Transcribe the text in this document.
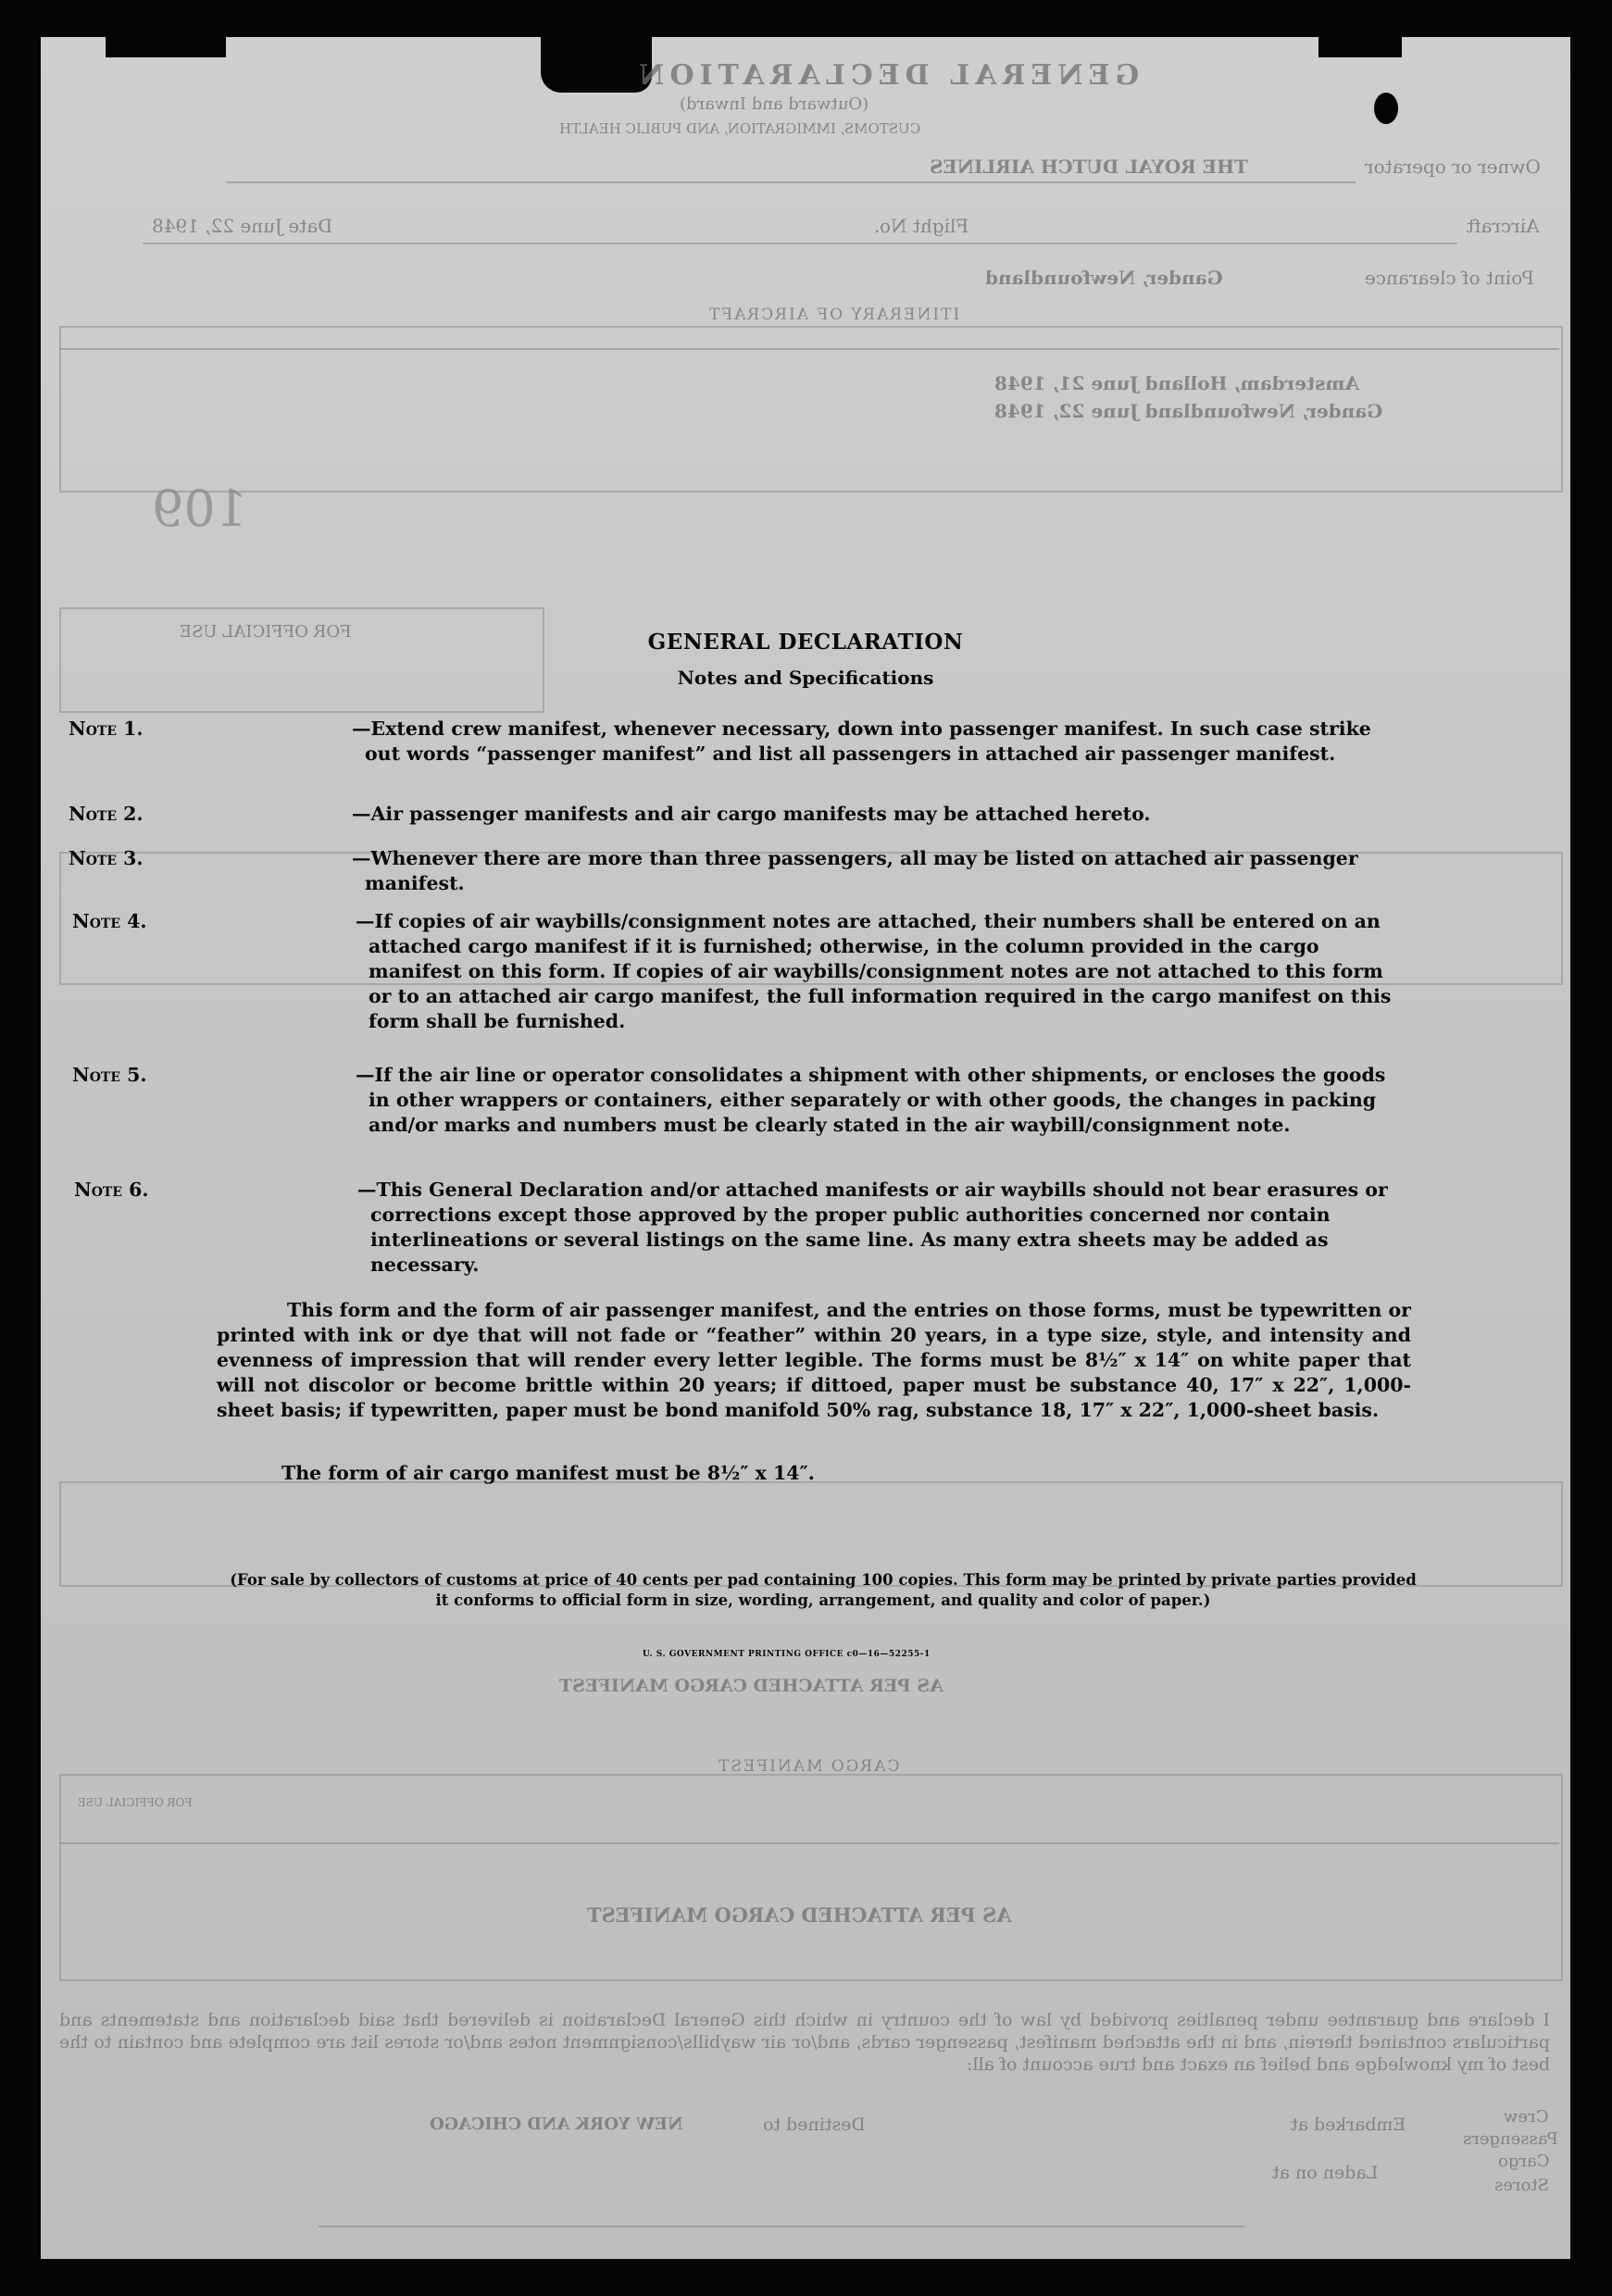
GENERAL DECLARATION
(Outward and Inward)
CUSTOMS, IMMIGRATION, AND PUBLIC HEALTH
Owner or operator
THE ROYAL DUTCH AIRLINES
Aircraft
Flight No.
Date June 22, 1948
Point of clearance
Gander, Newfoundland
ITINERARY OF AIRCRAFT
Amsterdam, Holland June 21, 1948
Gander, Newfoundland June 22, 1948
109
FOR OFFICIAL USE
AS PER ATTACHED CARGO MANIFEST
CARGO MANIFEST
FOR OFFICIAL USE
AS PER ATTACHED CARGO MANIFEST
I declare and guarantee under penalties provided by law of the country in which this General Declaration is delivered that said declaration and statements and particulars contained therein, and in the attached manifest, passenger cards, and/or air waybills/consignment notes and/or stores list are complete and contain to the best of my knowledge and belief an exact and true account of all:
Crew
Passengers
Cargo
Stores
Embarked at
Laden on at
Destined to
NEW YORK AND CHICAGO
GENERAL DECLARATION
Notes and Specifications
Note 1.	—Extend crew manifest, whenever necessary, down into passenger manifest. In such case strike out words “passenger manifest” and list all passengers in attached air passenger manifest.
Note 2.	—Air passenger manifests and air cargo manifests may be attached hereto.
Note 3.	—Whenever there are more than three passengers, all may be listed on attached air passenger manifest.
Note 4.	—If copies of air waybills/consignment notes are attached, their numbers shall be entered on an attached cargo manifest if it is furnished; otherwise, in the column provided in the cargo manifest on this form. If copies of air waybills/consignment notes are not attached to this form or to an attached air cargo manifest, the full information required in the cargo manifest on this form shall be furnished.
Note 5.	—If the air line or operator consolidates a shipment with other shipments, or encloses the goods in other wrappers or containers, either separately or with other goods, the changes in packing and/or marks and numbers must be clearly stated in the air waybill/consignment note.
Note 6.	—This General Declaration and/or attached manifests or air waybills should not bear erasures or corrections except those approved by the proper public authorities concerned nor contain interlineations or several listings on the same line. As many extra sheets may be added as necessary.
This form and the form of air passenger manifest, and the entries on those forms, must be typewritten or printed with ink or dye that will not fade or “feather” within 20 years, in a type size, style, and intensity and evenness of impression that will render every letter legible. The forms must be 8½″ x 14″ on white paper that will not discolor or become brittle within 20 years; if dittoed, paper must be substance 40, 17″ x 22″, 1,000-sheet basis; if typewritten, paper must be bond manifold 50% rag, substance 18, 17″ x 22″, 1,000-sheet basis.
The form of air cargo manifest must be 8½″ x 14″.
(For sale by collectors of customs at price of 40 cents per pad containing 100 copies. This form may be printed by private parties provided it conforms to official form in size, wording, arrangement, and quality and color of paper.)
U. S. GOVERNMENT PRINTING OFFICE c0—16—52255-1
